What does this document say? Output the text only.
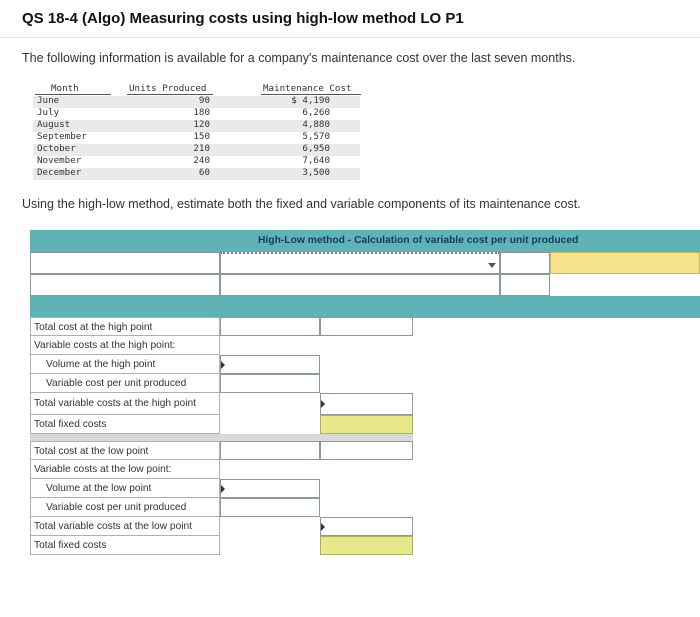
QS 18-4 (Algo) Measuring costs using high-low method LO P1
The following information is available for a company's maintenance cost over the last seven months.
Month	Units Produced	Maintenance Cost
June	90	$ 4,190
July	180	6,260
August	120	4,880
September	150	5,570
October	210	6,950
November	240	7,640
December	60	3,500
Using the high-low method, estimate both the fixed and variable components of its maintenance cost.
High-Low method - Calculation of variable cost per unit produced
Total cost at the high point
Variable costs at the high point:
Volume at the high point
Variable cost per unit produced
Total variable costs at the high point
Total fixed costs
Total cost at the low point
Variable costs at the low point:
Volume at the low point
Variable cost per unit produced
Total variable costs at the low point
Total fixed costs
